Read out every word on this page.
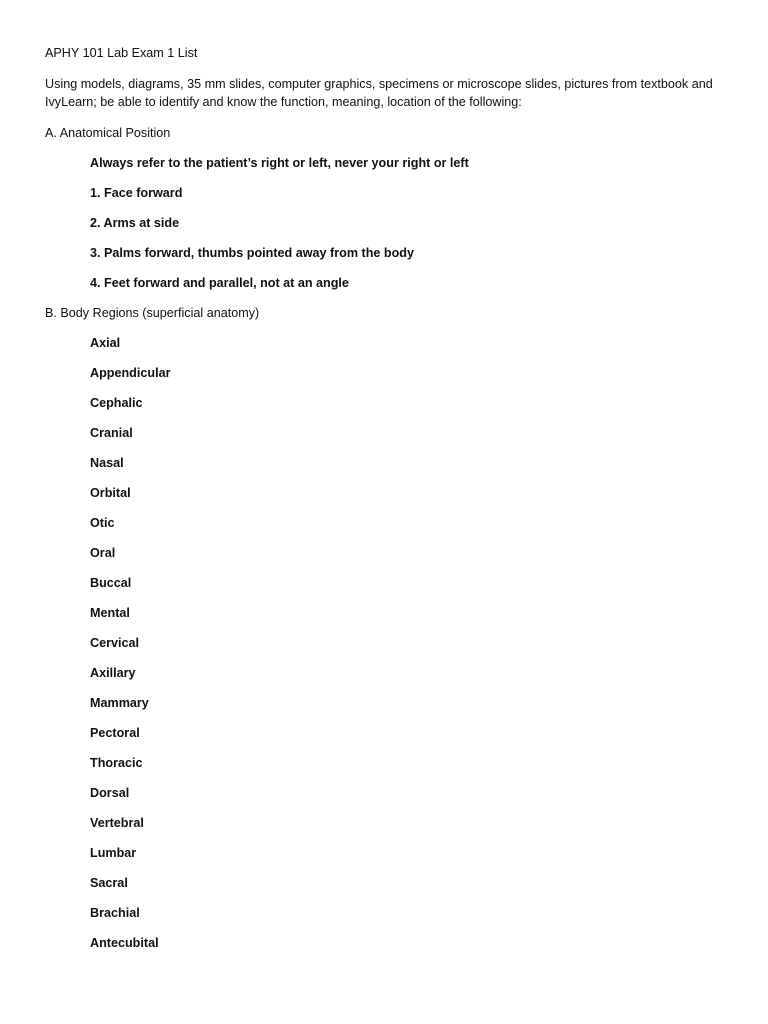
APHY 101 Lab Exam 1 List

Using models, diagrams, 35 mm slides, computer graphics, specimens or microscope slides, pictures from textbook and IvyLearn; be able to identify and know the function, meaning, location of the following:

A. Anatomical Position

Always refer to the patient’s right or left, never your right or left

1. Face forward

2. Arms at side

3. Palms forward, thumbs pointed away from the body

4. Feet forward and parallel, not at an angle

B. Body Regions (superficial anatomy)

Axial

Appendicular

Cephalic

Cranial

Nasal

Orbital

Otic

Oral

Buccal

Mental

Cervical

Axillary

Mammary

Pectoral

Thoracic

Dorsal

Vertebral

Lumbar

Sacral

Brachial

Antecubital
